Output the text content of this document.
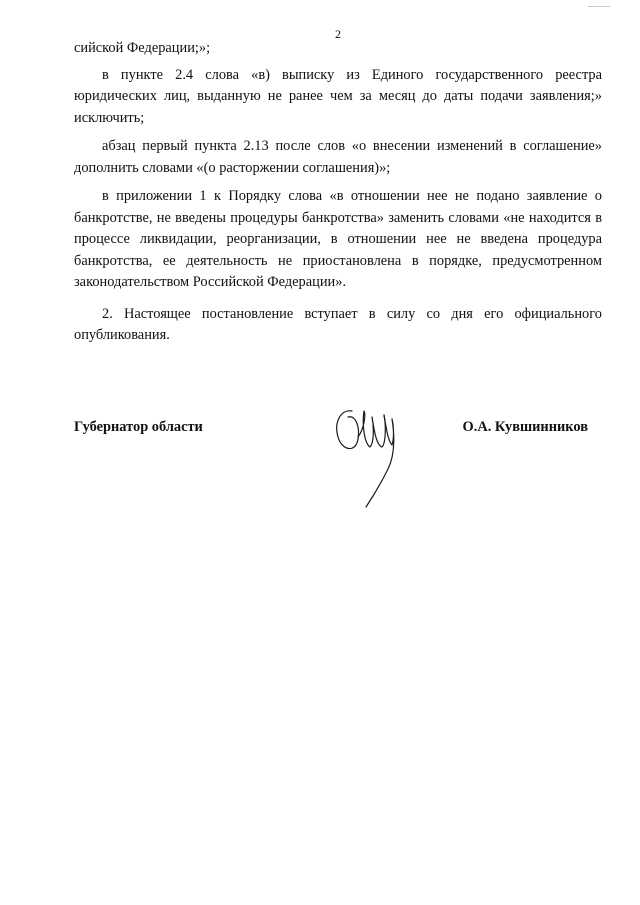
2

сийской Федерации;»;

в пункте 2.4 слова «в) выписку из Единого государственного реестра юридических лиц, выданную не ранее чем за месяц до даты подачи заявления;» исключить;

абзац первый пункта 2.13 после слов «о внесении изменений в соглашение» дополнить словами «(о расторжении соглашения)»;

в приложении 1 к Порядку слова «в отношении нее не подано заявление о банкротстве, не введены процедуры банкротства» заменить словами «не находится в процессе ликвидации, реорганизации, в отношении нее не введена процедура банкротства, ее деятельность не приостановлена в порядке, предусмотренном законодательством Российской Федерации».

2. Настоящее постановление вступает в силу со дня его официального опубликования.

Губернатор области	О.А. Кувшинников
